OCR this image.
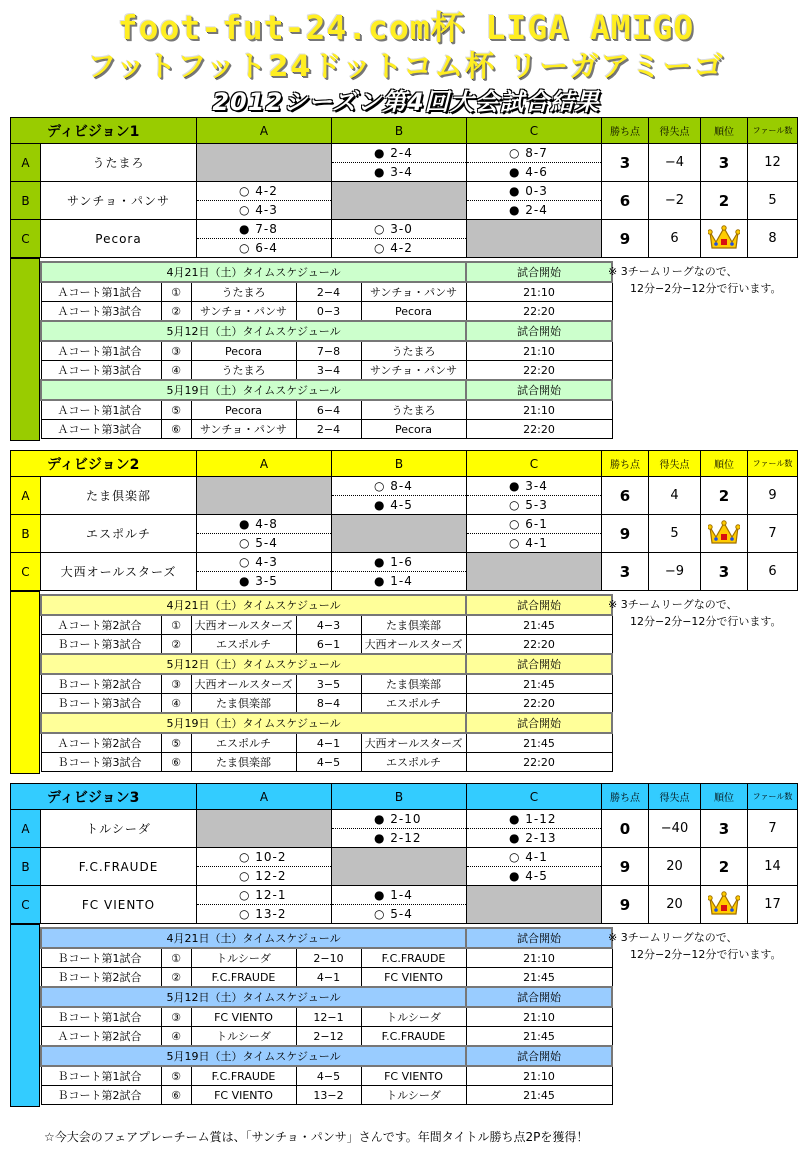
foot-fut-24.com杯 LIGA AMIGO
フットフット24ドットコム杯 リーガアミーゴ
2012シーズン第4回大会試合結果
ディビジョン1		A	B	C	勝ち点	得失点	順位	ファール数
A	うたまろ		● 2-4	○ 8-7	3	−4	3	12
			● 3-4	● 4-6				
B	サンチョ・パンサ	○ 4-2		● 0-3	6	−2	2	5
		○ 4-3		● 2-4				
C	Pecora	● 7-8	○ 3-0		9	6		8
		○ 6-4	○ 4-2					
4月21日（土）タイムスケジュール					試合開始
Ａコート第1試合	①	うたまろ	2−4	サンチョ・パンサ	21:10
Ａコート第3試合	②	サンチョ・パンサ	0−3	Pecora	22:20
5月12日（土）タイムスケジュール					試合開始
Ａコート第1試合	③	Pecora	7−8	うたまろ	21:10
Ａコート第3試合	④	うたまろ	3−4	サンチョ・パンサ	22:20
5月19日（土）タイムスケジュール					試合開始
Ａコート第1試合	⑤	Pecora	6−4	うたまろ	21:10
Ａコート第3試合	⑥	サンチョ・パンサ	2−4	Pecora	22:20
※ 3チームリーグなので、
12分−2分−12分で行います。
ディビジョン2		A	B	C	勝ち点	得失点	順位	ファール数
A	たま倶楽部		○ 8-4	● 3-4	6	4	2	9
			● 4-5	○ 5-3				
B	エスポルチ	● 4-8		○ 6-1	9	5		7
		○ 5-4		○ 4-1				
C	大西オールスターズ	○ 4-3	● 1-6		3	−9	3	6
		● 3-5	● 1-4					
4月21日（土）タイムスケジュール					試合開始
Ａコート第2試合	①	大西オールスターズ	4−3	たま倶楽部	21:45
Ｂコート第3試合	②	エスポルチ	6−1	大西オールスターズ	22:20
5月12日（土）タイムスケジュール					試合開始
Ｂコート第2試合	③	大西オールスターズ	3−5	たま倶楽部	21:45
Ｂコート第3試合	④	たま倶楽部	8−4	エスポルチ	22:20
5月19日（土）タイムスケジュール					試合開始
Ａコート第2試合	⑤	エスポルチ	4−1	大西オールスターズ	21:45
Ｂコート第3試合	⑥	たま倶楽部	4−5	エスポルチ	22:20
※ 3チームリーグなので、
12分−2分−12分で行います。
ディビジョン3		A	B	C	勝ち点	得失点	順位	ファール数
A	トルシーダ		● 2-10	● 1-12	0	−40	3	7
			● 2-12	● 2-13				
B	F.C.FRAUDE	○ 10-2		○ 4-1	9	20	2	14
		○ 12-2		● 4-5				
C	FC VIENTO	○ 12-1	● 1-4		9	20		17
		○ 13-2	○ 5-4					
4月21日（土）タイムスケジュール					試合開始
Ｂコート第1試合	①	トルシーダ	2−10	F.C.FRAUDE	21:10
Ｂコート第2試合	②	F.C.FRAUDE	4−1	FC VIENTO	21:45
5月12日（土）タイムスケジュール					試合開始
Ｂコート第1試合	③	FC VIENTO	12−1	トルシーダ	21:10
Ａコート第2試合	④	トルシーダ	2−12	F.C.FRAUDE	21:45
5月19日（土）タイムスケジュール					試合開始
Ｂコート第1試合	⑤	F.C.FRAUDE	4−5	FC VIENTO	21:10
Ｂコート第2試合	⑥	FC VIENTO	13−2	トルシーダ	21:45
※ 3チームリーグなので、
12分−2分−12分で行います。
☆今大会のフェアプレーチーム賞は、「サンチョ・パンサ」さんです。年間タイトル勝ち点2Pを獲得！
